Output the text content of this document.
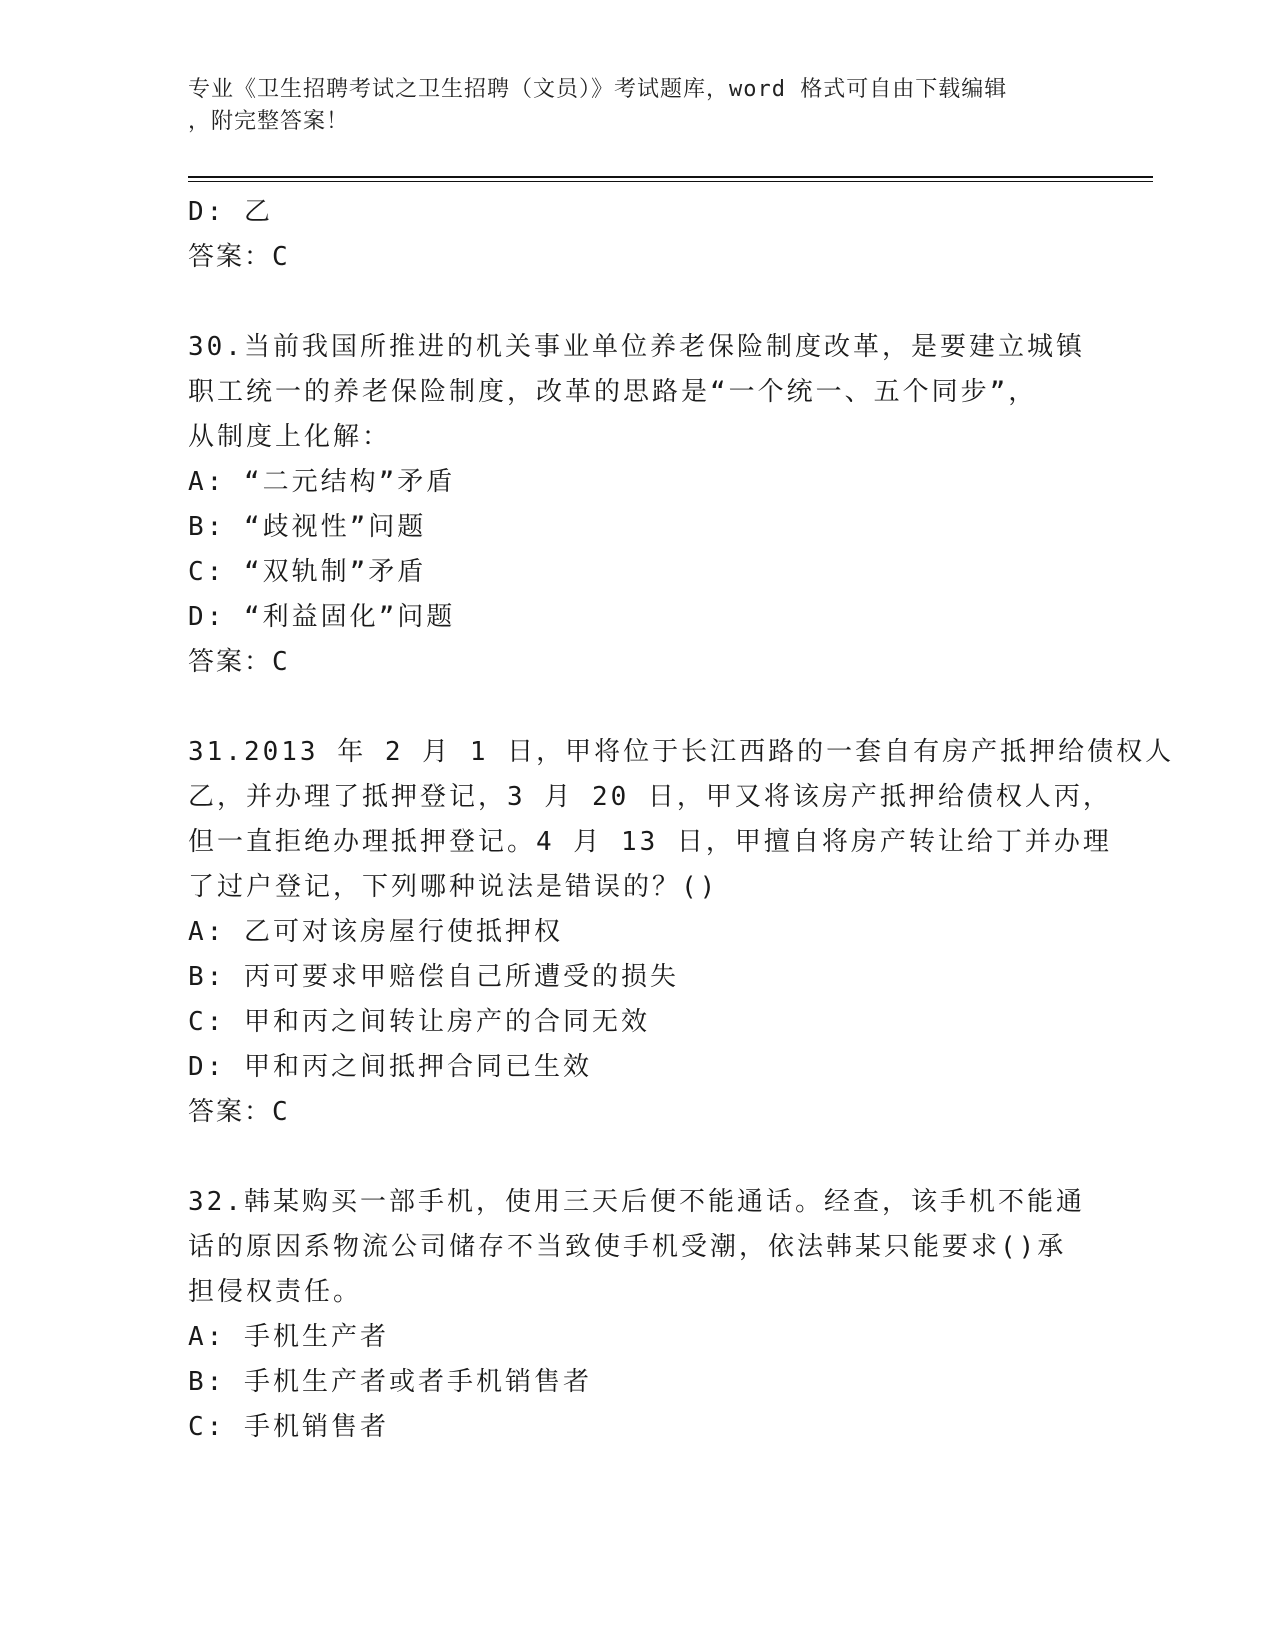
专业《卫生招聘考试之卫生招聘（文员）》考试题库，word 格式可自由下载编辑
，附完整答案！
D: 乙
答案：C
30.当前我国所推进的机关事业单位养老保险制度改革，是要建立城镇
职工统一的养老保险制度，改革的思路是“一个统一、五个同步”，
从制度上化解：
A: “二元结构”矛盾
B: “歧视性”问题
C: “双轨制”矛盾
D: “利益固化”问题
答案：C
31.2013 年 2 月 1 日，甲将位于长江西路的一套自有房产抵押给债权人
乙，并办理了抵押登记，3 月 20 日，甲又将该房产抵押给债权人丙，
但一直拒绝办理抵押登记。4 月 13 日，甲擅自将房产转让给丁并办理
了过户登记，下列哪种说法是错误的？()
A: 乙可对该房屋行使抵押权
B: 丙可要求甲赔偿自己所遭受的损失
C: 甲和丙之间转让房产的合同无效
D: 甲和丙之间抵押合同已生效
答案：C
32.韩某购买一部手机，使用三天后便不能通话。经查，该手机不能通
话的原因系物流公司储存不当致使手机受潮，依法韩某只能要求()承
担侵权责任。
A: 手机生产者
B: 手机生产者或者手机销售者
C: 手机销售者
